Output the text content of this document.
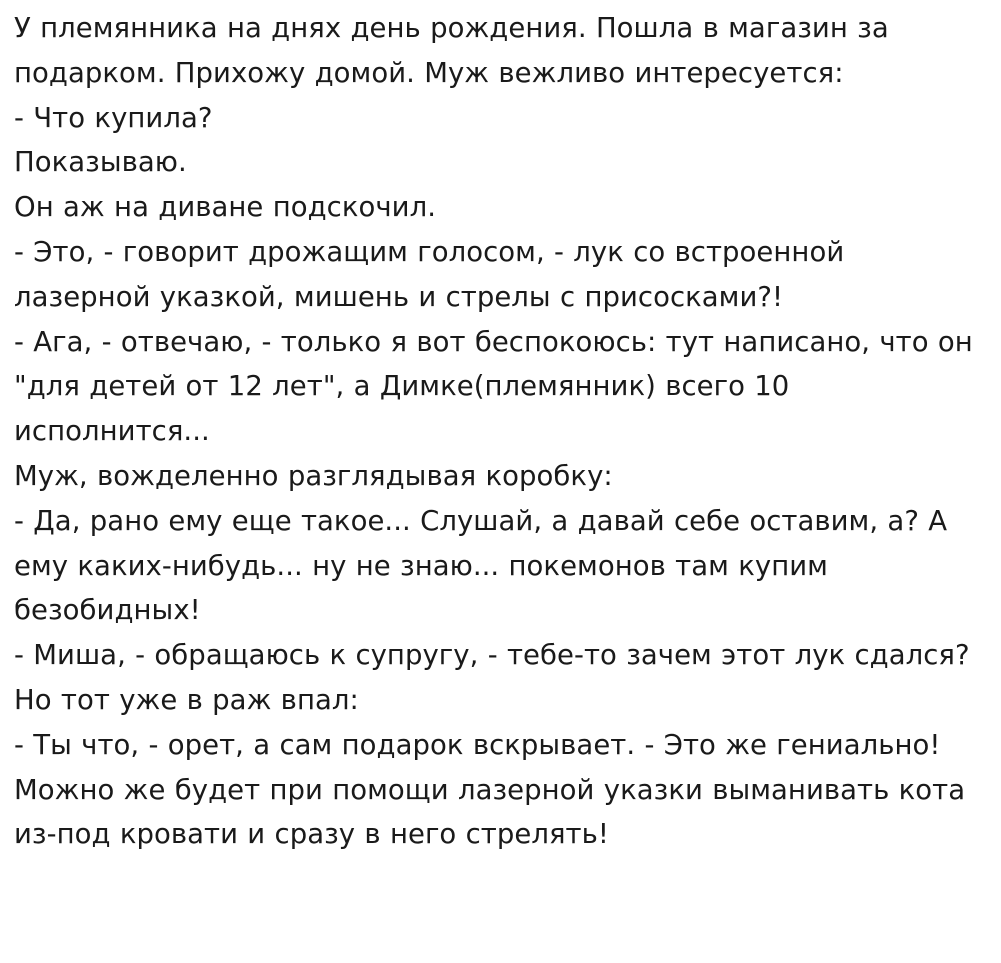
У племянника на днях день рождения. Пошла в магазин за подарком. Прихожу домой. Муж вежливо интересуется:

- Что купила?

Показываю.

Он аж на диване подскочил.

- Это, - говорит дрожащим голосом, - лук со встроенной лазерной указкой, мишень и стрелы с присосками?!

- Ага, - отвечаю, - только я вот беспокоюсь: тут написано, что он "для детей от 12 лет", а Димке(племянник) всего 10 исполнится...

Муж, вожделенно разглядывая коробку:

- Да, рано ему еще такое... Слушай, а давай себе оставим, а? А ему каких-нибудь... ну не знаю... покемонов там купим безобидных!

- Миша, - обращаюсь к супругу, - тебе-то зачем этот лук сдался?

Но тот уже в раж впал:

- Ты что, - орет, а сам подарок вскрывает. - Это же гениально! Можно же будет при помощи лазерной указки выманивать кота из-под кровати и сразу в него стрелять!
